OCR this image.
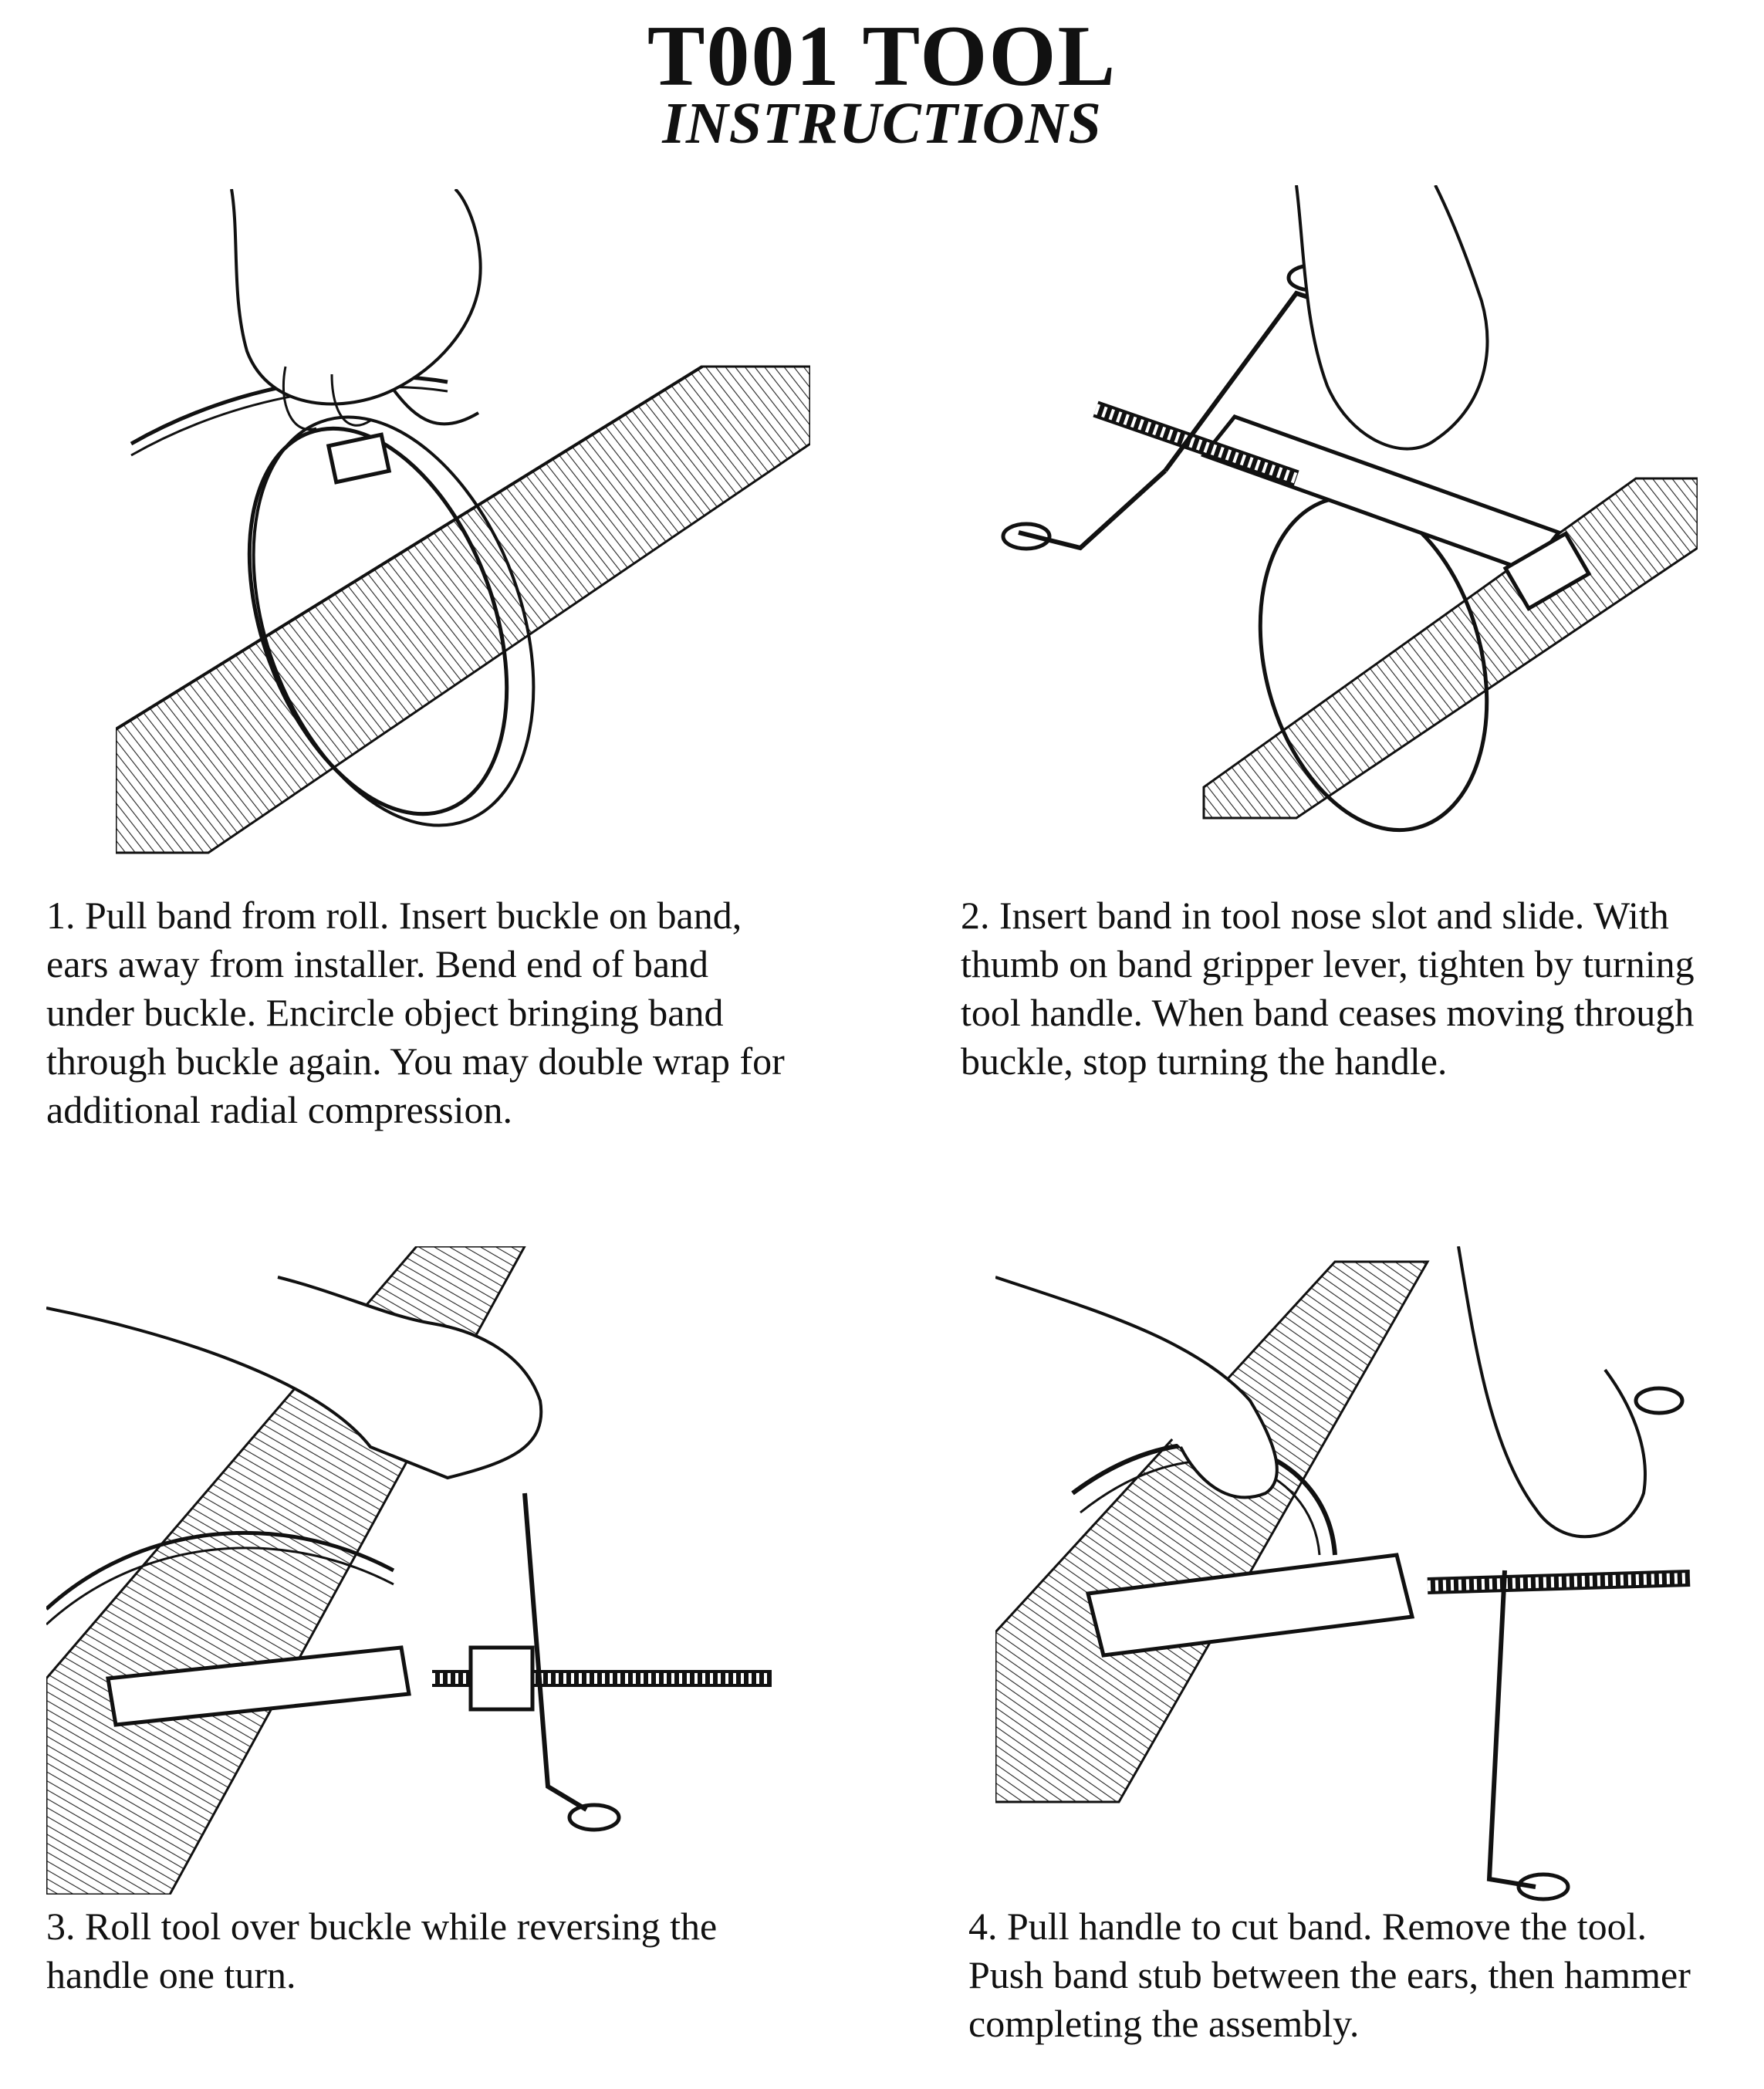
T001 TOOL
INSTRUCTIONS
1. Pull band from roll. Insert buckle on band, ears away from installer. Bend end of band under buckle. Encircle object bringing band through buckle again. You may double wrap for additional radial compression.
2. Insert band in tool nose slot and slide. With thumb on band gripper lever, tighten by turning tool handle. When band ceases moving through buckle, stop turning the handle.
3. Roll tool over buckle while reversing the handle one turn.
4. Pull handle to cut band. Remove the tool. Push band stub between the ears, then hammer completing the assembly.
